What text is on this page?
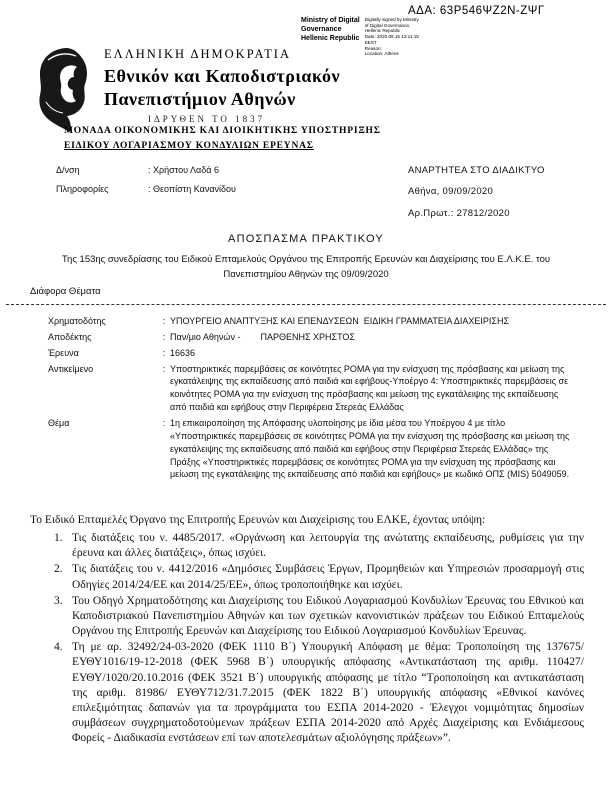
ΑΔΑ: 63Ρ546ΨΖ2Ν-ΖΨΓ
Ministry of Digital
Governance
Hellenic Republic
Digitally signed by Ministry
of Digital Governance,
Hellenic Republic
Date: 2020.09.15 13:11:15
EEST
Reason:
Location: Athens
ΕΛΛΗΝΙΚΗ ΔΗΜΟΚΡΑΤΙΑ
Εθνικόν και Καποδιστριακόν
Πανεπιστήμιον Αθηνών
ΙΔΡΥΘΕΝ ΤΟ 1837
ΜΟΝΑΔΑ ΟΙΚΟΝΟΜΙΚΗΣ ΚΑΙ ΔΙΟΙΚΗΤΙΚΗΣ ΥΠΟΣΤΗΡΙΞΗΣ
ΕΙΔΙΚΟΥ ΛΟΓΑΡΙΑΣΜΟΥ ΚΟΝΔΥΛΙΩΝ ΕΡΕΥΝΑΣ
Δ/νση	: Χρήστου Λαδά 6
Πληροφορίες	: Θεοπίστη Κανανίδου
ΑΝΑΡΤΗΤΕΑ ΣΤΟ ΔΙΑΔΙΚΤΥΟ
Αθήνα, 09/09/2020
Αρ.Πρωτ.: 27812/2020
ΑΠΟΣΠΑΣΜΑ ΠΡΑΚΤΙΚΟΥ
Της 153ης συνεδρίασης του Ειδικού Επταμελούς Οργάνου της Επιτροπής Ερευνών και Διαχείρισης του Ε.Λ.Κ.Ε. του Πανεπιστημίου Αθηνών της 09/09/2020
Διάφορα Θέματα
Χρηματοδότης	: ΥΠΟΥΡΓΕΙΟ ΑΝΑΠΤΥΞΗΣ ΚΑΙ ΕΠΕΝΔΥΣΕΩΝ  ΕΙΔΙΚΗ ΓΡΑΜΜΑΤΕΙΑ ΔΙΑΧΕΙΡΙΣΗΣ
Αποδέκτης	: Παν/μιο Αθηνών -        ΠΑΡΘΕΝΗΣ ΧΡΗΣΤΟΣ
Έρευνα	: 16636
Αντικείμενο	: Υποστηρικτικές παρεμβάσεις σε κοινότητες ΡΟΜΑ για την ενίσχυση της πρόσβασης και μείωση της εγκατάλειψης της εκπαίδευσης από παιδιά και εφήβους-Υποέργο 4: Υποστηρικτικές παρεμβάσεις σε κοινότητες ΡΟΜΑ για την ενίσχυση της πρόσβασης και μείωση της εγκατάλειψης της εκπαίδευσης από παιδιά και εφήβους στην Περιφέρεια Στερεάς Ελλάδας
Θέμα	: 1η επικαιροποίηση της Απόφασης υλοποίησης με ίδια μέσα του Υποέργου 4 με τίτλο «Υποστηρικτικές παρεμβάσεις σε κοινότητες ΡΟΜΑ για την ενίσχυση της πρόσβασης και μείωση της εγκατάλειψης της εκπαίδευσης από παιδιά και εφήβους στην Περιφέρεια Στερεάς Ελλάδας» της Πράξης «Υποστηρικτικές παρεμβάσεις σε κοινότητες ΡΟΜΑ για την ενίσχυση της πρόσβασης και μείωση της εγκατάλειψης της εκπαίδευσης από παιδιά και εφήβους» με κωδικό ΟΠΣ (MIS) 5049059.
Το Ειδικό Επταμελές Όργανο της Επιτροπής Ερευνών και Διαχείρισης του ΕΛΚΕ, έχοντας υπόψη:
1. Τις διατάξεις του ν. 4485/2017. «Οργάνωση και λειτουργία της ανώτατης εκπαίδευσης, ρυθμίσεις για την έρευνα και άλλες διατάξεις», όπως ισχύει.
2. Τις διατάξεις του ν. 4412/2016 «Δημόσιες Συμβάσεις Έργων, Προμηθειών και Υπηρεσιών προσαρμογή στις Οδηγίες 2014/24/ΕΕ και 2014/25/ΕΕ», όπως τροποποιήθηκε και ισχύει.
3. Του Οδηγό Χρηματοδότησης και Διαχείρισης του Ειδικού Λογαριασμού Κονδυλίων Έρευνας του Εθνικού και Καποδιστριακού Πανεπιστημίου Αθηνών και των σχετικών κανονιστικών πράξεων του Ειδικού Επταμελούς Οργάνου της Επιτροπής Ερευνών και Διαχείρισης του Ειδικού Λογαριασμού Κονδυλίων Έρευνας.
4. Τη με αρ. 32492/24-03-2020 (ΦΕΚ 1110 Β΄) Υπουργική Απόφαση με θέμα: Τροποποίηση της 137675/ΕΥΘΥ1016/19-12-2018 (ΦΕΚ 5968 Β΄) υπουργικής απόφασης «Αντικατάσταση της αριθμ. 110427/ΕΥΘΥ/1020/20.10.2016 (ΦΕΚ 3521 Β΄) υπουργικής απόφασης με τίτλο “Τροποποίηση και αντικατάσταση της αριθμ. 81986/ ΕΥΘΥ712/31.7.2015 (ΦΕΚ 1822 Β΄) υπουργικής απόφασης «Εθνικοί κανόνες επιλεξιμότητας δαπανών για τα προγράμματα του ΕΣΠΑ 2014-2020 - Έλεγχοι νομιμότητας δημοσίων συμβάσεων συγχρηματοδοτούμενων πράξεων ΕΣΠΑ 2014-2020 από Αρχές Διαχείρισης και Ενδιάμεσους Φορείς - Διαδικασία ενστάσεων επί των αποτελεσμάτων αξιολόγησης πράξεων»”.
